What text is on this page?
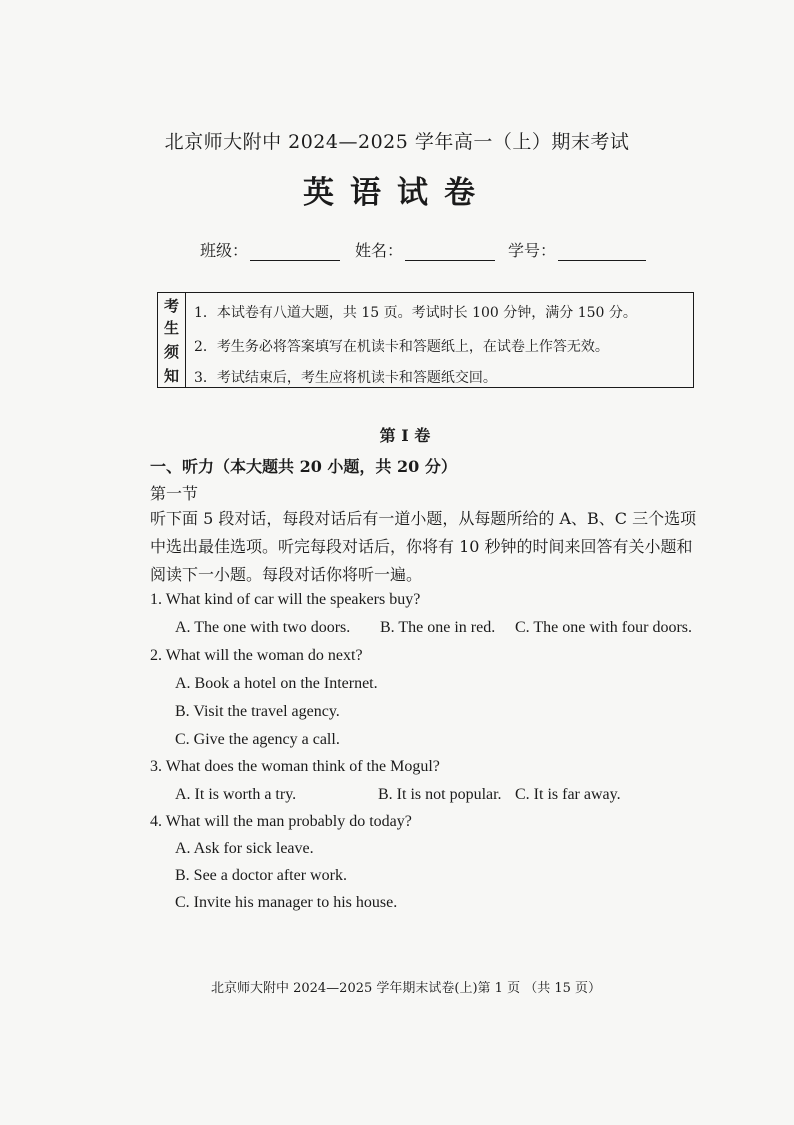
北京师大附中 2024—2025 学年高一（上）期末考试
英语试卷
班级：	姓名：	学号：
考
生
须
知
1．本试卷有八道大题，共 15 页。考试时长 100 分钟，满分 150 分。
2．考生务必将答案填写在机读卡和答题纸上，在试卷上作答无效。
3．考试结束后，考生应将机读卡和答题纸交回。
第 I 卷
一、听力（本大题共 20 小题，共 20 分）
第一节
听下面 5 段对话，每段对话后有一道小题，从每题所给的 A、B、C 三个选项中选出最佳选项。听完每段对话后，你将有 10 秒钟的时间来回答有关小题和阅读下一小题。每段对话你将听一遍。
1. What kind of car will the speakers buy?
A. The one with two doors. B. The one in red. C. The one with four doors.
2. What will the woman do next?
A. Book a hotel on the Internet.
B. Visit the travel agency.
C. Give the agency a call.
3. What does the woman think of the Mogul?
A. It is worth a try.	B. It is not popular. C. It is far away.
4. What will the man probably do today?
A. Ask for sick leave.
B. See a doctor after work.
C. Invite his manager to his house.
北京师大附中 2024—2025 学年期末试卷(上)第 1 页 （共 15 页）
